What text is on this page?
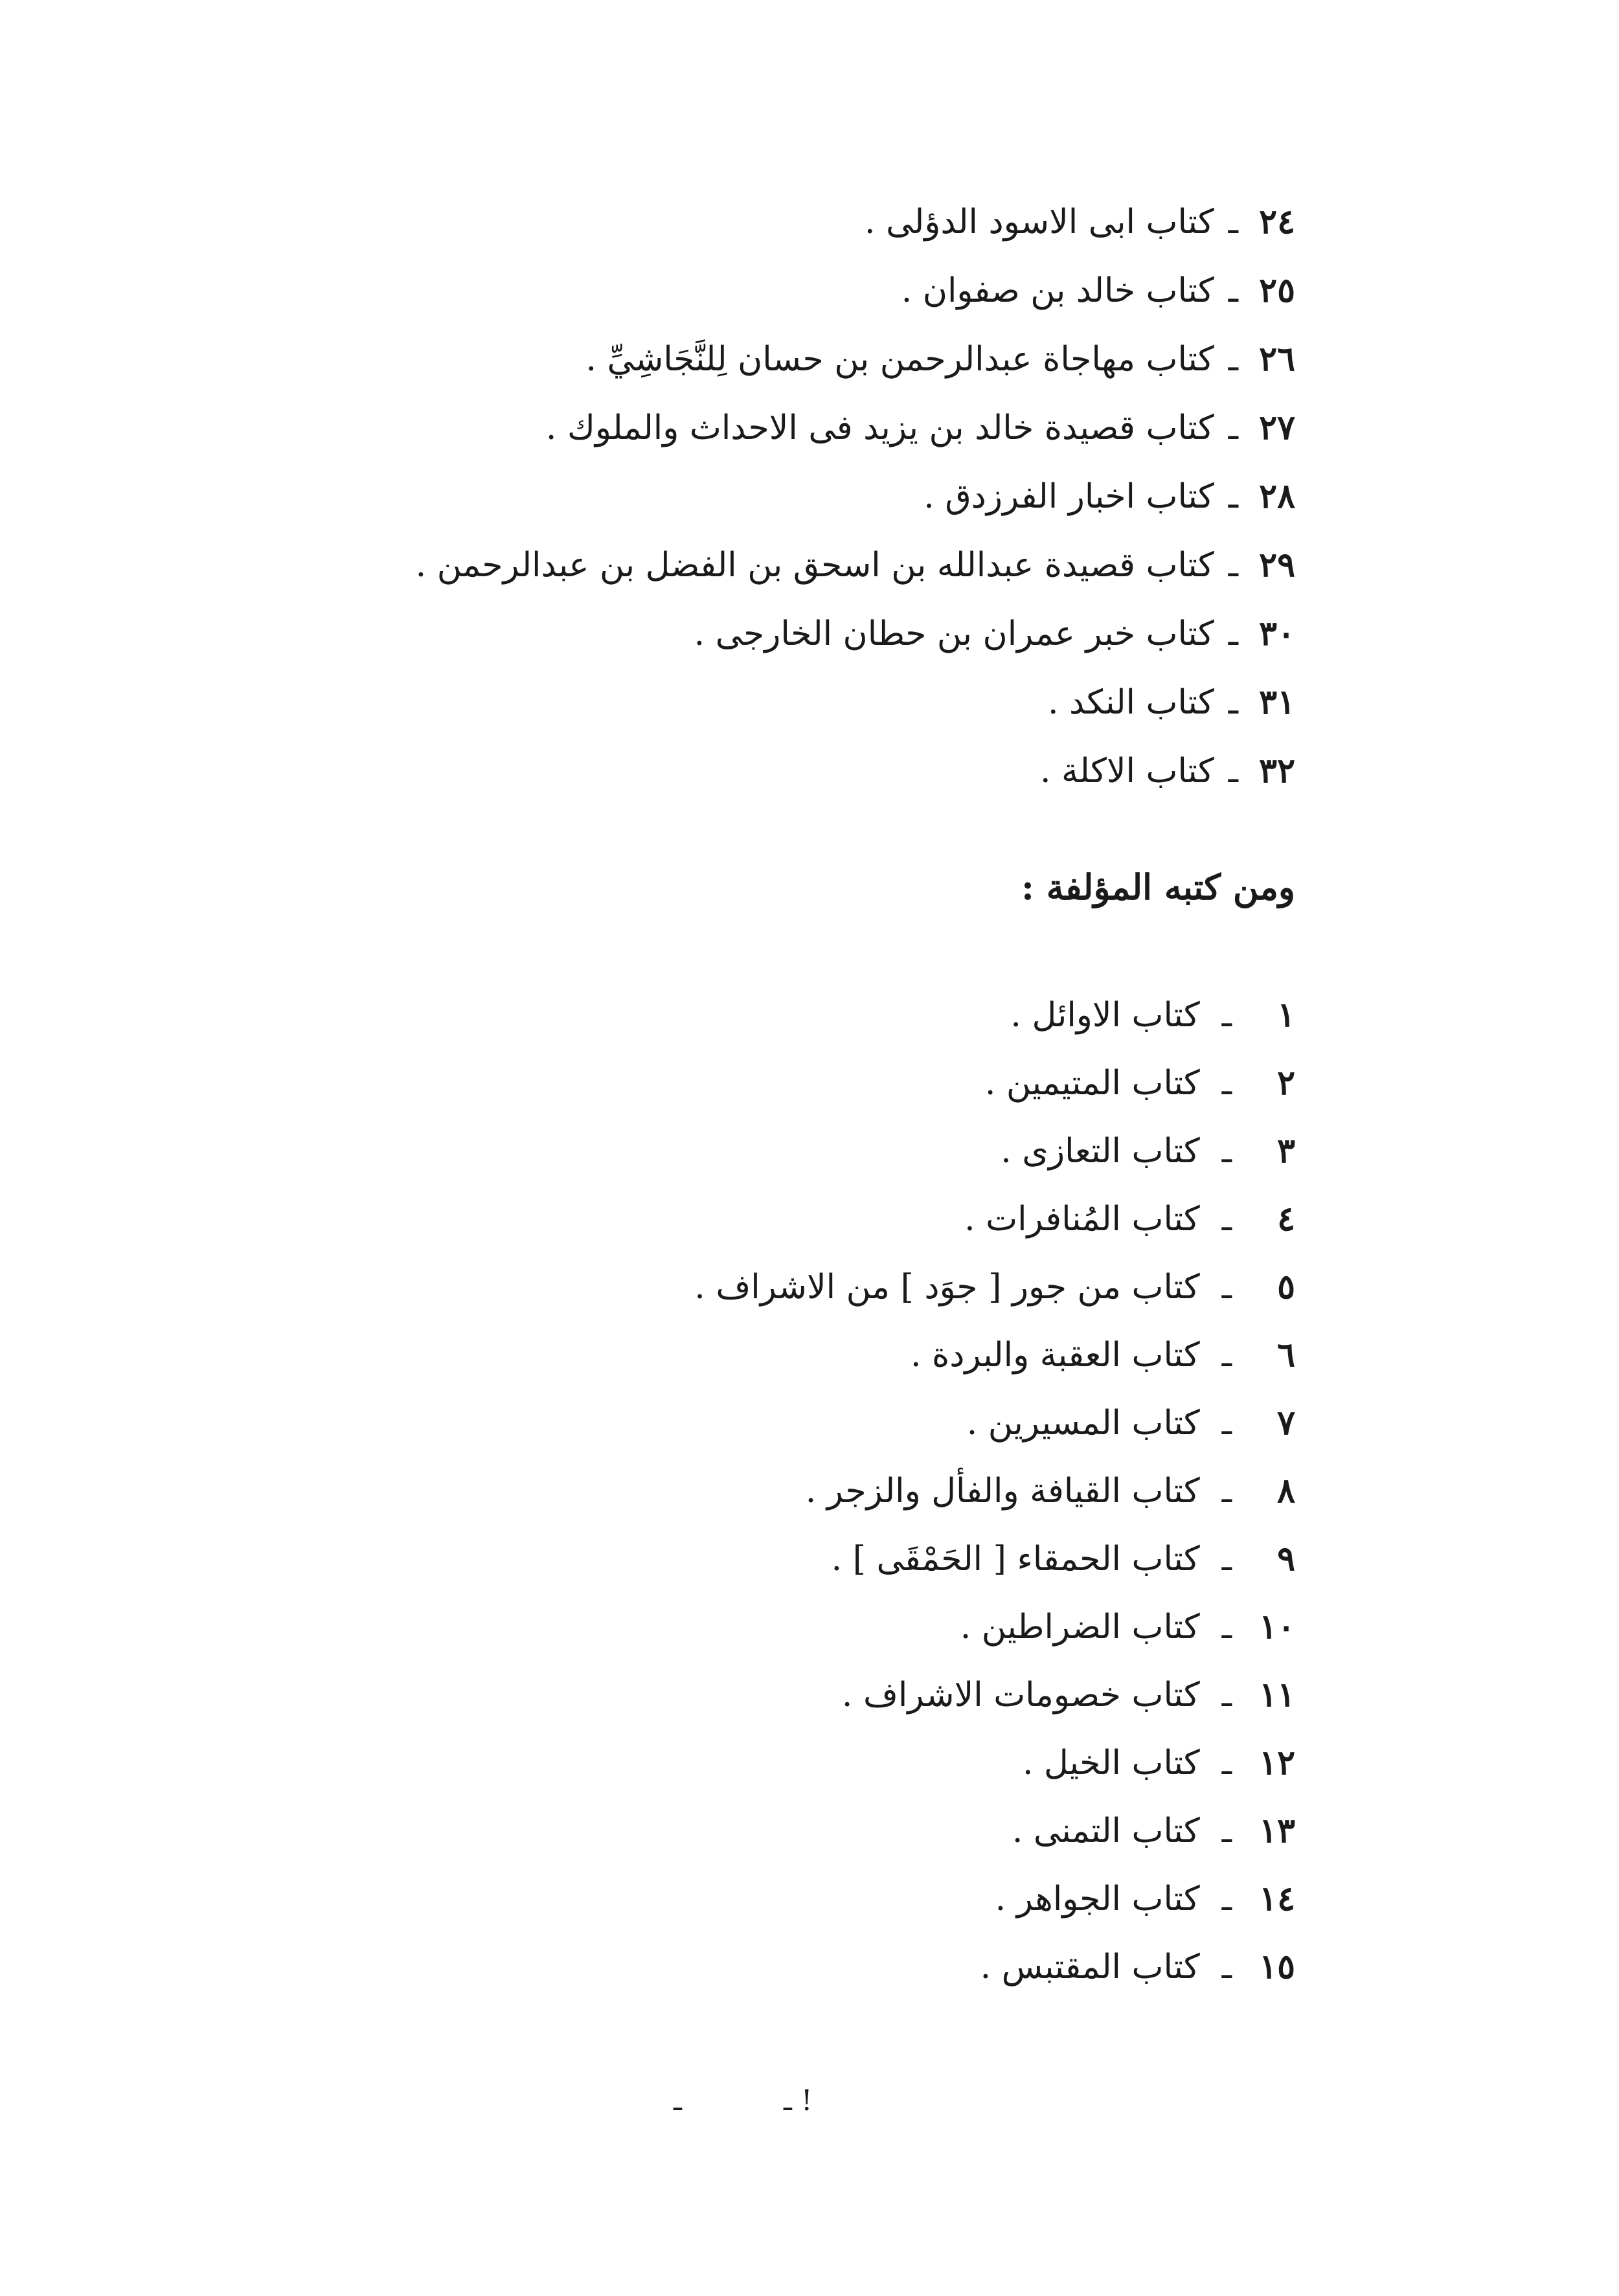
٢٤ـكتاب ابى الاسود الدؤلى .
٢٥ـكتاب خالد بن صفوان .
٢٦ـكتاب مهاجاة عبدالرحمن بن حسان لِلنَّجَاشِيِّ .
٢٧ـكتاب قصيدة خالد بن يزيد فى الاحداث والملوك .
٢٨ـكتاب اخبار الفرزدق .
٢٩ـكتاب قصيدة عبدالله بن اسحق بن الفضل بن عبدالرحمن .
٣٠ـكتاب خبر عمران بن حطان الخارجى .
٣١ـكتاب النكد .
٣٢ـكتاب الاكلة .
ومن كتبه المؤلفة :
١ـكتاب الاوائل .
٢ـكتاب المتيمين .
٣ـكتاب التعازى .
٤ـكتاب المُنافرات .
٥ـكتاب من جور [ جوَد ] من الاشراف .
٦ـكتاب العقبة والبردة .
٧ـكتاب المسيرين .
٨ـكتاب القيافة والفأل والزجر .
٩ـكتاب الحمقاء [ الحَمْقَى ] .
١٠ـكتاب الضراطين .
١١ـكتاب خصومات الاشراف .
١٢ـكتاب الخيل .
١٣ـكتاب التمنى .
١٤ـكتاب الجواهر .
١٥ـكتاب المقتبس .
ـ	ـ !
